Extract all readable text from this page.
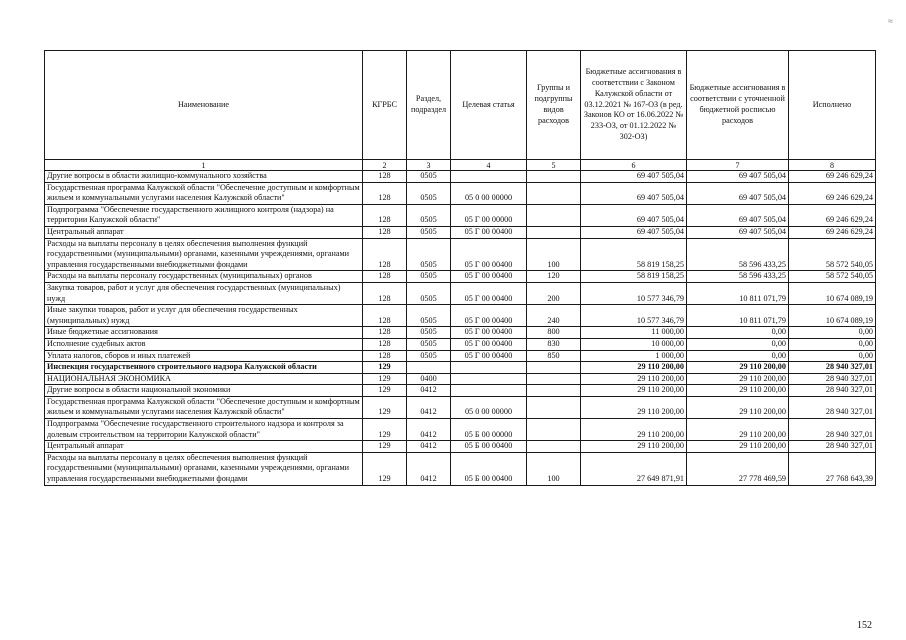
≈
Наименование	КГРБС	Раздел, подраздел	Целевая статья	Группы и подгруппы видов расходов	Бюджетные ассигнования в соответствии с Законом Калужской области от 03.12.2021 № 167-ОЗ (в ред. Законов КО от 16.06.2022 № 233-ОЗ, от 01.12.2022 № 302-ОЗ)	Бюджетные ассигнования в соответствии с уточненной бюджетной росписью расходов	Исполнено
1	2	3	4	5	6	7	8
Другие вопросы в области жилищно-коммунального хозяйства	128	0505			69 407 505,04	69 407 505,04	69 246 629,24
Государственная программа Калужской области "Обеспечение доступным и комфортным жильем и коммунальными услугами населения Калужской области"	128	0505	05 0 00 00000		69 407 505,04	69 407 505,04	69 246 629,24
Подпрограмма "Обеспечение государственного жилищного контроля (надзора) на территории Калужской области"	128	0505	05 Г 00 00000		69 407 505,04	69 407 505,04	69 246 629,24
Центральный аппарат	128	0505	05 Г 00 00400		69 407 505,04	69 407 505,04	69 246 629,24
Расходы на выплаты персоналу в целях обеспечения выполнения функций государственными (муниципальными) органами, казенными учреждениями, органами управления государственными внебюджетными фондами	128	0505	05 Г 00 00400	100	58 819 158,25	58 596 433,25	58 572 540,05
Расходы на выплаты персоналу государственных (муниципальных) органов	128	0505	05 Г 00 00400	120	58 819 158,25	58 596 433,25	58 572 540,05
Закупка товаров, работ и услуг для обеспечения государственных (муниципальных) нужд	128	0505	05 Г 00 00400	200	10 577 346,79	10 811 071,79	10 674 089,19
Иные закупки товаров, работ и услуг для обеспечения государственных (муниципальных) нужд	128	0505	05 Г 00 00400	240	10 577 346,79	10 811 071,79	10 674 089,19
Иные бюджетные ассигнования	128	0505	05 Г 00 00400	800	11 000,00	0,00	0,00
Исполнение судебных актов	128	0505	05 Г 00 00400	830	10 000,00	0,00	0,00
Уплата налогов, сборов и иных платежей	128	0505	05 Г 00 00400	850	1 000,00	0,00	0,00
Инспекция государственного строительного надзора Калужской области	129				29 110 200,00	29 110 200,00	28 940 327,01
НАЦИОНАЛЬНАЯ ЭКОНОМИКА	129	0400			29 110 200,00	29 110 200,00	28 940 327,01
Другие вопросы в области национальной экономики	129	0412			29 110 200,00	29 110 200,00	28 940 327,01
Государственная программа Калужской области "Обеспечение доступным и комфортным жильем и коммунальными услугами населения Калужской области"	129	0412	05 0 00 00000		29 110 200,00	29 110 200,00	28 940 327,01
Подпрограмма "Обеспечение государственного строительного надзора и контроля за долевым строительством на территории Калужской области"	129	0412	05 Б 00 00000		29 110 200,00	29 110 200,00	28 940 327,01
Центральный аппарат	129	0412	05 Б 00 00400		29 110 200,00	29 110 200,00	28 940 327,01
Расходы на выплаты персоналу в целях обеспечения выполнения функций государственными (муниципальными) органами, казенными учреждениями, органами управления государственными внебюджетными фондами	129	0412	05 Б 00 00400	100	27 649 871,91	27 778 469,59	27 768 643,39
152
